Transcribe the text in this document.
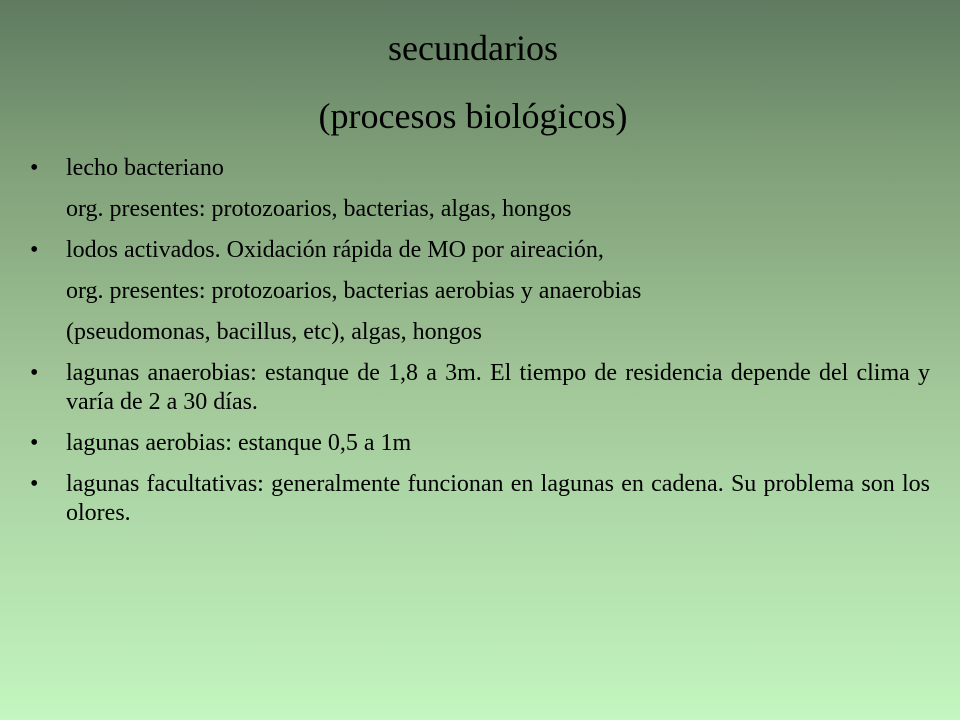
secundarios
(procesos biológicos)
• lecho bacteriano
org. presentes: protozoarios, bacterias, algas, hongos
• lodos activados. Oxidación rápida de MO por aireación,
org. presentes: protozoarios, bacterias aerobias y anaerobias
(pseudomonas, bacillus, etc), algas, hongos
• lagunas anaerobias: estanque de 1,8 a 3m. El tiempo de residencia depende del clima y varía de 2 a 30 días.
• lagunas aerobias: estanque 0,5 a 1m
• lagunas facultativas: generalmente funcionan en lagunas en cadena. Su problema son los olores.
